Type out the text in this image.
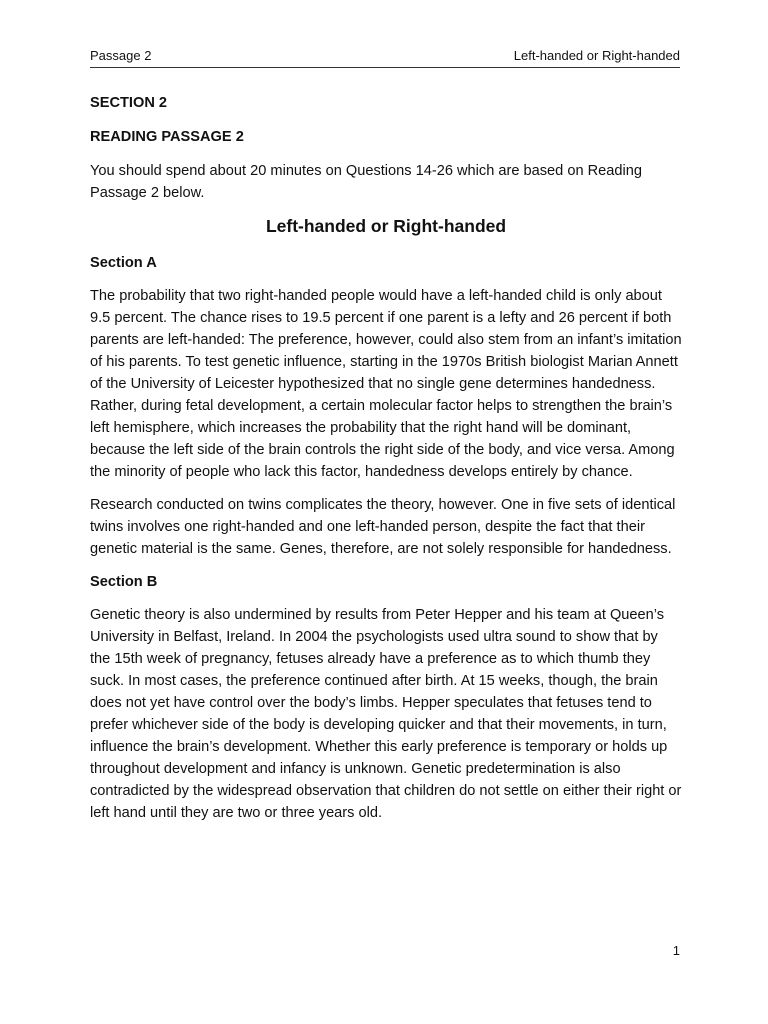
Passage 2	Left-handed or Right-handed

SECTION 2

READING PASSAGE 2

You should spend about 20 minutes on Questions 14-26 which are based on Reading Passage 2 below.

Left-handed or Right-handed

Section A

The probability that two right-handed people would have a left-handed child is only about 9.5 percent. The chance rises to 19.5 percent if one parent is a lefty and 26 percent if both parents are left-handed: The preference, however, could also stem from an infant’s imitation of his parents. To test genetic influence, starting in the 1970s British biologist Marian Annett of the University of Leicester hypothesized that no single gene determines handedness. Rather, during fetal development, a certain molecular factor helps to strengthen the brain’s left hemisphere, which increases the probability that the right hand will be dominant, because the left side of the brain controls the right side of the body, and vice versa. Among the minority of people who lack this factor, handedness develops entirely by chance.

Research conducted on twins complicates the theory, however. One in five sets of identical twins involves one right-handed and one left-handed person, despite the fact that their genetic material is the same. Genes, therefore, are not solely responsible for handedness.

Section B

Genetic theory is also undermined by results from Peter Hepper and his team at Queen’s University in Belfast, Ireland. In 2004 the psychologists used ultra sound to show that by the 15th week of pregnancy, fetuses already have a preference as to which thumb they suck. In most cases, the preference continued after birth. At 15 weeks, though, the brain does not yet have control over the body’s limbs. Hepper speculates that fetuses tend to prefer whichever side of the body is developing quicker and that their movements, in turn, influence the brain’s development. Whether this early preference is temporary or holds up throughout development and infancy is unknown. Genetic predetermination is also contradicted by the widespread observation that children do not settle on either their right or left hand until they are two or three years old.

1
